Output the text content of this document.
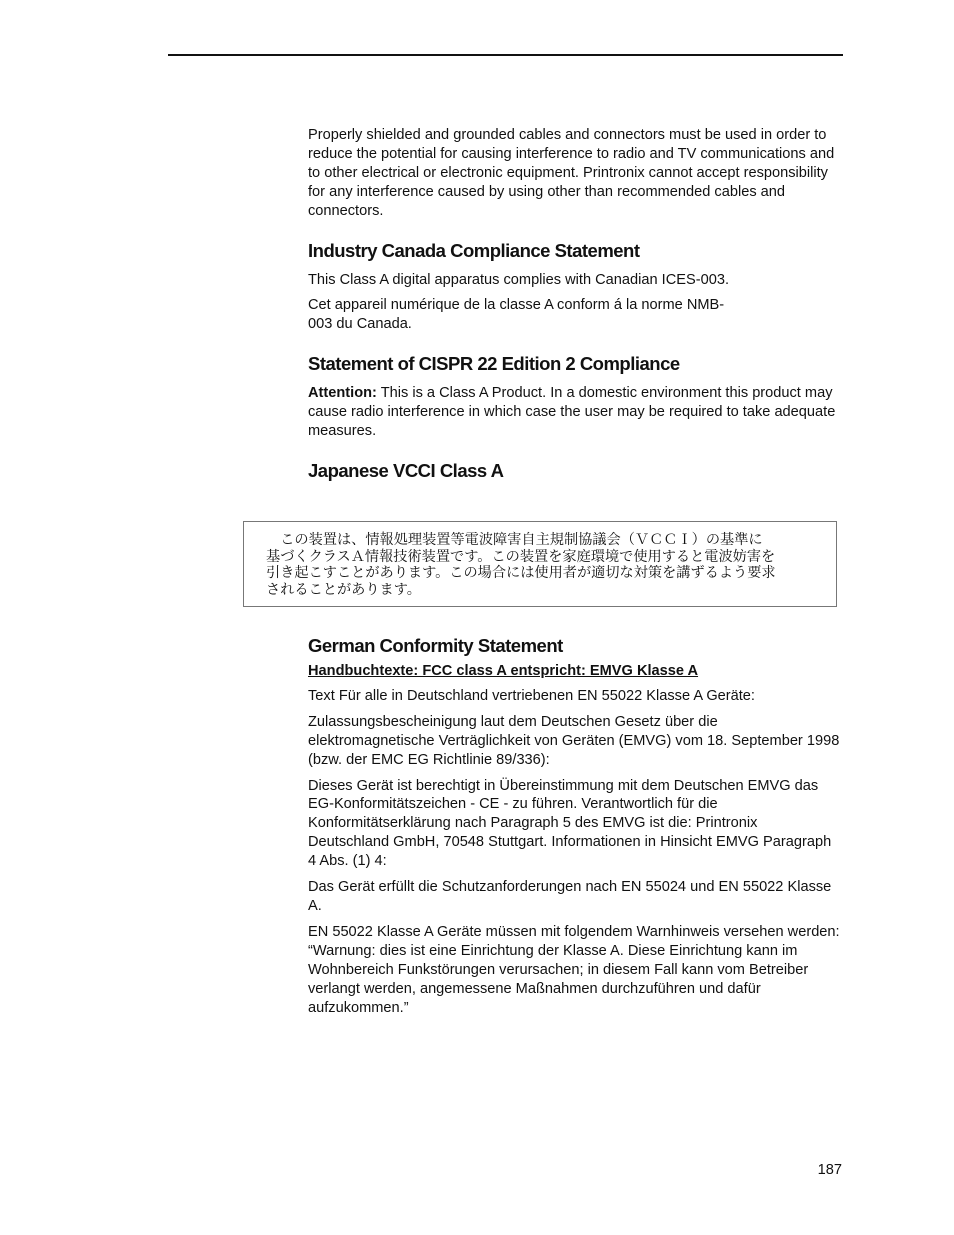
Properly shielded and grounded cables and connectors must be used in order to reduce the potential for causing interference to radio and TV communications and to other electrical or electronic equipment. Printronix cannot accept responsibility for any interference caused by using other than recommended cables and connectors.

Industry Canada Compliance Statement

This Class A digital apparatus complies with Canadian ICES-003.

Cet appareil numérique de la classe A conform á la norme NMB-003 du Canada.

Statement of CISPR 22 Edition 2 Compliance

Attention: This is a Class A Product. In a domestic environment this product may cause radio interference in which case the user may be required to take adequate measures.

Japanese VCCI Class A

　この装置は、情報処理装置等電波障害自主規制協議会（ＶＣＣＩ）の基準に
基づくクラスＡ情報技術装置です。この装置を家庭環境で使用すると電波妨害を
引き起こすことがあります。この場合には使用者が適切な対策を講ずるよう要求
されることがあります。

German Conformity Statement

Handbuchtexte: FCC class A entspricht: EMVG Klasse A

Text Für alle in Deutschland vertriebenen EN 55022 Klasse A Geräte:

Zulassungsbescheinigung laut dem Deutschen Gesetz über die elektromagnetische Verträglichkeit von Geräten (EMVG) vom 18. September 1998 (bzw. der EMC EG Richtlinie 89/336):

Dieses Gerät ist berechtigt in Übereinstimmung mit dem Deutschen EMVG das EG-Konformitätszeichen - CE - zu führen. Verantwortlich für die Konformitätserklärung nach Paragraph 5 des EMVG ist die: Printronix Deutschland GmbH, 70548 Stuttgart. Informationen in Hinsicht EMVG Paragraph 4 Abs. (1) 4:

Das Gerät erfüllt die Schutzanforderungen nach EN 55024 und EN 55022 Klasse A.

EN 55022 Klasse A Geräte müssen mit folgendem Warnhinweis versehen werden: “Warnung: dies ist eine Einrichtung der Klasse A. Diese Einrichtung kann im Wohnbereich Funkstörungen verursachen; in diesem Fall kann vom Betreiber verlangt werden, angemessene Maßnahmen durchzuführen und dafür aufzukommen.”

187
